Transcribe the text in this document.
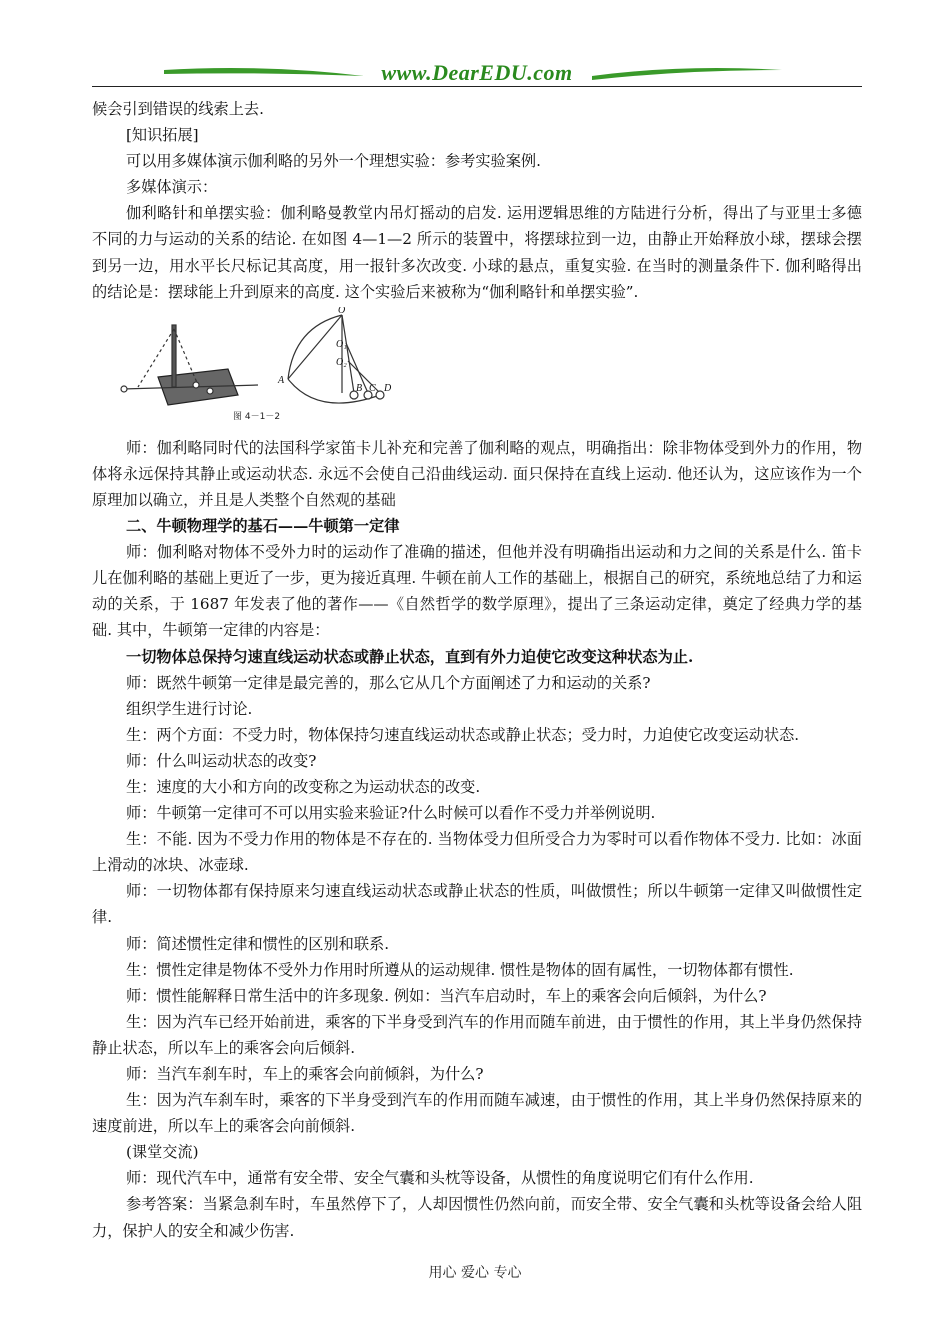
www.DearEDU.com

候会引到错误的线索上去.

[知识拓展]

可以用多媒体演示伽利略的另外一个理想实验：参考实验案例.

多媒体演示：

伽利略针和单摆实验：伽利略曼教堂内吊灯摇动的启发. 运用逻辑思维的方陆进行分析，得出了与亚里士多德不同的力与运动的关系的结论. 在如图 4—1—2 所示的装置中，将摆球拉到一边，由静止开始释放小球，摆球会摆到另一边，用水平长尺标记其高度，用一报针多次改变. 小球的悬点，重复实验. 在当时的测量条件下. 伽利略得出的结论是：摆球能上升到原来的高度. 这个实验后来被称为“伽利略针和单摆实验”.

O
O₁
O₂
A
B C D
图 4－1－2

师：伽利略同时代的法国科学家笛卡儿补充和完善了伽利略的观点，明确指出：除非物体受到外力的作用，物体将永远保持其静止或运动状态. 永远不会使自己沿曲线运动. 面只保持在直线上运动. 他还认为，这应该作为一个原理加以确立，并且是人类整个自然观的基础

二、牛顿物理学的基石——牛顿第一定律

师：伽利略对物体不受外力时的运动作了准确的描述，但他并没有明确指出运动和力之间的关系是什么. 笛卡儿在伽利略的基础上更近了一步，更为接近真理. 牛顿在前人工作的基础上，根据自己的研究，系统地总结了力和运动的关系，于 1687 年发表了他的著作——《自然哲学的数学原理》，提出了三条运动定律，奠定了经典力学的基础. 其中，牛顿第一定律的内容是：

一切物体总保持匀速直线运动状态或静止状态，直到有外力迫使它改变这种状态为止.

师：既然牛顿第一定律是最完善的，那么它从几个方面阐述了力和运动的关系?

组织学生进行讨论.

生：两个方面：不受力时，物体保持匀速直线运动状态或静止状态；受力时，力迫使它改变运动状态.

师：什么叫运动状态的改变?

生：速度的大小和方向的改变称之为运动状态的改变.

师：牛顿第一定律可不可以用实验来验证?什么时候可以看作不受力并举例说明.

生：不能. 因为不受力作用的物体是不存在的. 当物体受力但所受合力为零时可以看作物体不受力. 比如：冰面上滑动的冰块、冰壶球.

师：一切物体都有保持原来匀速直线运动状态或静止状态的性质，叫做惯性；所以牛顿第一定律又叫做惯性定律.

师：简述惯性定律和惯性的区别和联系.

生：惯性定律是物体不受外力作用时所遵从的运动规律. 惯性是物体的固有属性，一切物体都有惯性.

师：惯性能解释日常生活中的许多现象. 例如：当汽车启动时，车上的乘客会向后倾斜，为什么?

生：因为汽车已经开始前进，乘客的下半身受到汽车的作用而随车前进，由于惯性的作用，其上半身仍然保持静止状态，所以车上的乘客会向后倾斜.

师：当汽车刹车时，车上的乘客会向前倾斜，为什么?

生：因为汽车刹车时，乘客的下半身受到汽车的作用而随车减速，由于惯性的作用，其上半身仍然保持原来的速度前进，所以车上的乘客会向前倾斜.

(课堂交流)

师：现代汽车中，通常有安全带、安全气囊和头枕等设备，从惯性的角度说明它们有什么作用.

参考答案：当紧急刹车时，车虽然停下了，人却因惯性仍然向前，而安全带、安全气囊和头枕等设备会给人阻力，保护人的安全和减少伤害.

用心 爱心 专心
